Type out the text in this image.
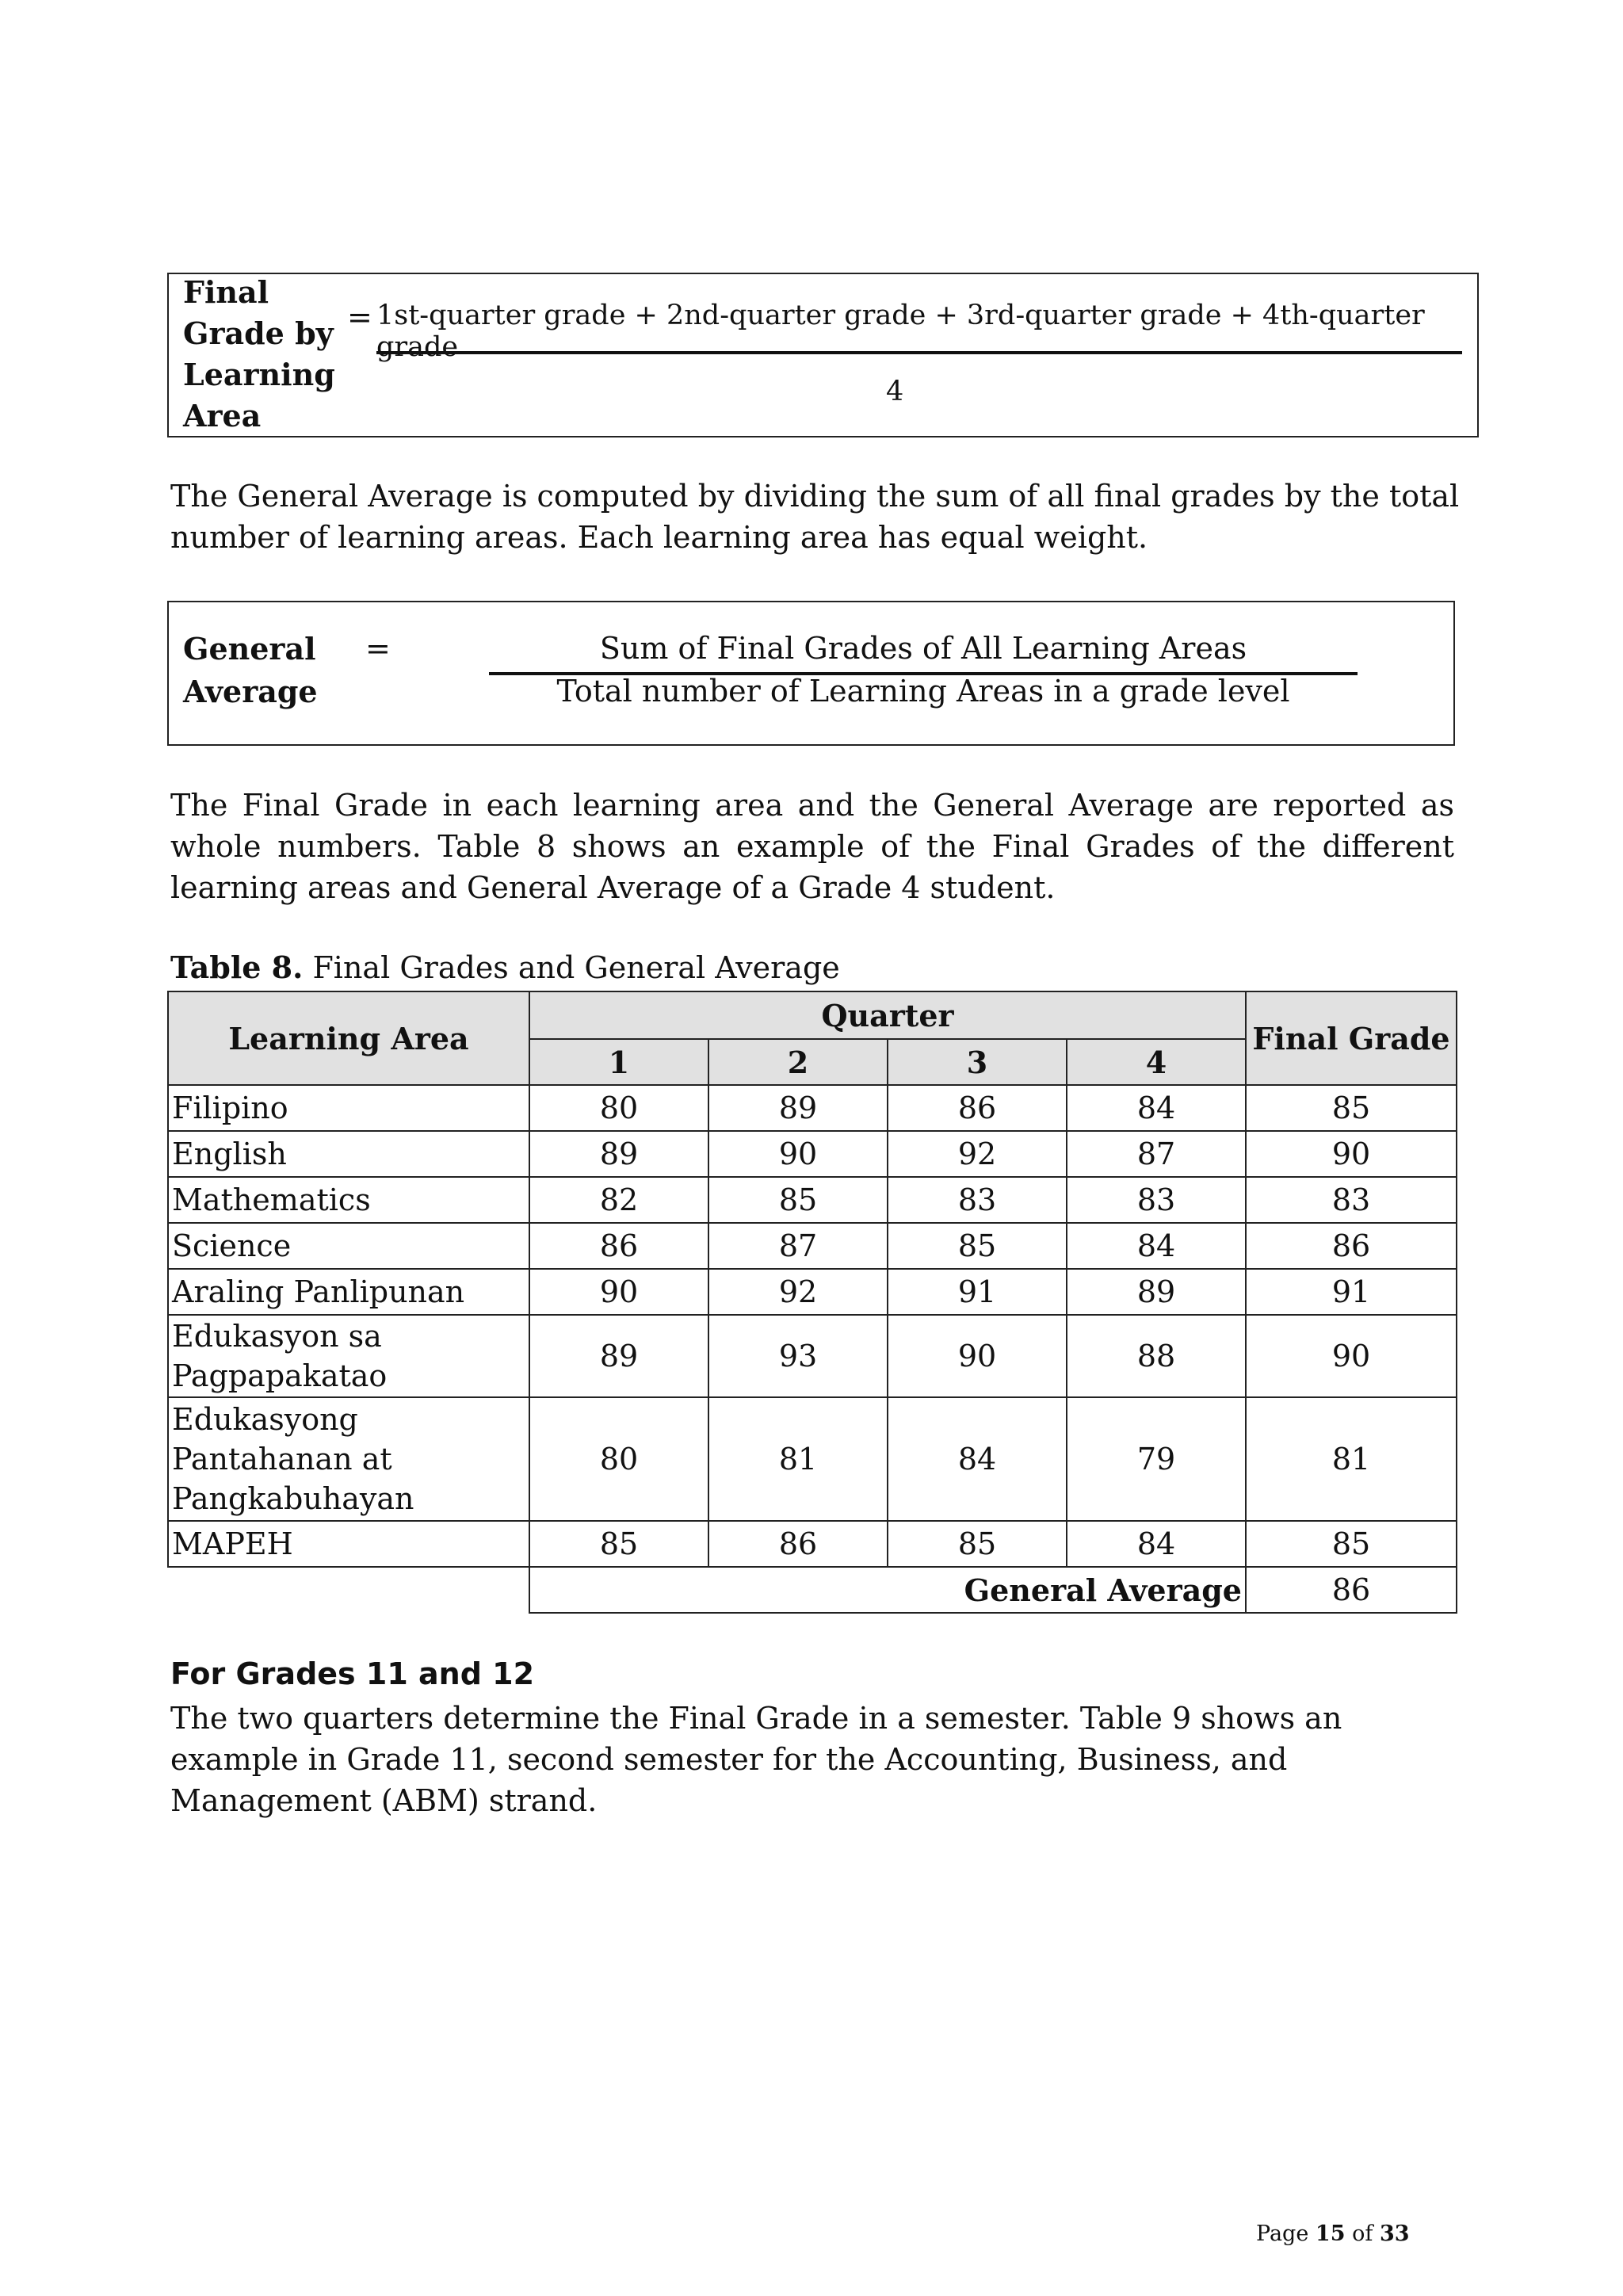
Final
Grade by
Learning
Area
= 1st-quarter grade + 2nd-quarter grade + 3rd-quarter grade + 4th-quarter grade
4
The General Average is computed by dividing the sum of all final grades by the total
number of learning areas. Each learning area has equal weight.
General
Average
=	Sum of Final Grades of All Learning Areas
Total number of Learning Areas in a grade level
The Final Grade in each learning area and the General Average are reported as
whole numbers. Table 8 shows an example of the Final Grades of the different
learning areas and General Average of a Grade 4 student.
Table 8. Final Grades and General Average
Learning Area	Quarter				Final Grade
	1	2	3	4	
Filipino	80	89	86	84	85
English	89	90	92	87	90
Mathematics	82	85	83	83	83
Science	86	87	85	84	86
Araling Panlipunan	90	92	91	89	91

Edukasyon sa
Pagpapakatao	89	93	90	88	90

Edukasyong
Pantahanan at
Pangkabuhayan	80	81	84	79	81
MAPEH	85	86	85	84	85
	General Average				86
For Grades 11 and 12
The two quarters determine the Final Grade in a semester. Table 9 shows an
example in Grade 11, second semester for the Accounting, Business, and
Management (ABM) strand.
Page 15 of 33
